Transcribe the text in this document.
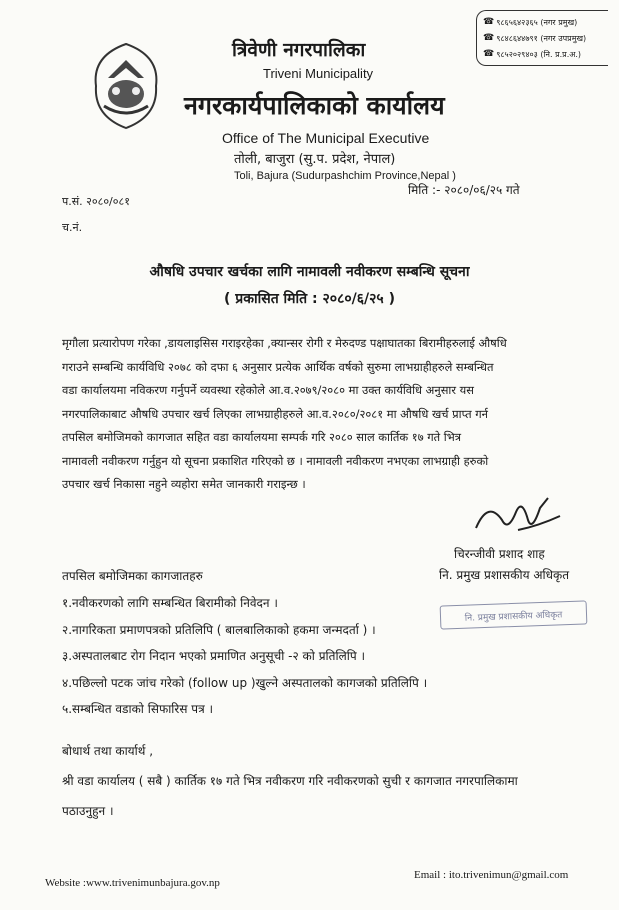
त्रिवेणी नगरपालिका
Triveni Municipality
नगरकार्यपालिकाको कार्यालय
Office of The Municipal Executive
तोली, बाजुरा (सु.प. प्रदेश, नेपाल)
Toli, Bajura (Sudurpashchim Province,Nepal )
☎ ९८६५६४२३६५ (नगर प्रमुख)
☎ ९८४८६४४७९१ (नगर उपप्रमुख)
☎ ९८५२०२९४०३ (नि. प्र.प्र.अ.)
प.सं. २०८०/०८१
च.नं.
मिति :- २०८०/०६/२५ गते
औषधि उपचार खर्चका लागि नामावली नवीकरण सम्बन्धि सूचना
( प्रकासित मिति : २०८०/६/२५ )
मृगौला प्रत्यारोपण गरेका ,डायलाइसिस गराइरहेका ,क्यान्सर रोगी र मेरुदण्ड पक्षाघातका बिरामीहरुलाई औषधि
गराउने सम्बन्धि कार्यविधि २०७८ को दफा ६ अनुसार प्रत्येक आर्थिक वर्षको सुरुमा लाभग्राहीहरुले सम्बन्धित
वडा कार्यालयमा नविकरण गर्नुपर्ने व्यवस्था रहेकोले आ.व.२०७९/२०८० मा उक्त कार्यविधि अनुसार यस
नगरपालिकाबाट औषधि उपचार खर्च लिएका लाभग्राहीहरुले आ.व.२०८०/२०८१ मा औषधि खर्च प्राप्त गर्न
तपसिल बमोजिमको कागजात सहित वडा कार्यालयमा सम्पर्क गरि २०८० साल कार्तिक १७ गते भित्र
नामावली नवीकरण गर्नुहुन यो सूचना प्रकाशित गरिएको छ । नामावली नवीकरण नभएका लाभग्राही हरुको
उपचार खर्च निकासा नहुने व्यहोरा समेत जानकारी गराइन्छ ।
चिरन्जीवी प्रशाद शाह
नि. प्रमुख प्रशासकीय अधिकृत
नि. प्रमुख प्रशासकीय अधिकृत
तपसिल बमोजिमका कागजातहरु
१.नवीकरणको लागि सम्बन्धित बिरामीको निवेदन ।
२.नागरिकता प्रमाणपत्रको प्रतिलिपि ( बालबालिकाको हकमा जन्मदर्ता ) ।
३.अस्पतालबाट रोग निदान भएको प्रमाणित अनुसूची -२ को प्रतिलिपि ।
४.पछिल्लो पटक जांच गरेको (follow up )खुल्ने अस्पतालको कागजको प्रतिलिपि ।
५.सम्बन्धित वडाको सिफारिस पत्र ।
बोधार्थ तथा कार्यार्थ ,
श्री वडा कार्यालय ( सबै ) कार्तिक १७ गते भित्र नवीकरण गरि नवीकरणको सुची र कागजात नगरपालिकामा
पठाउनुहुन ।
Website :www.trivenimunbajura.gov.np
Email : ito.trivenimun@gmail.com
